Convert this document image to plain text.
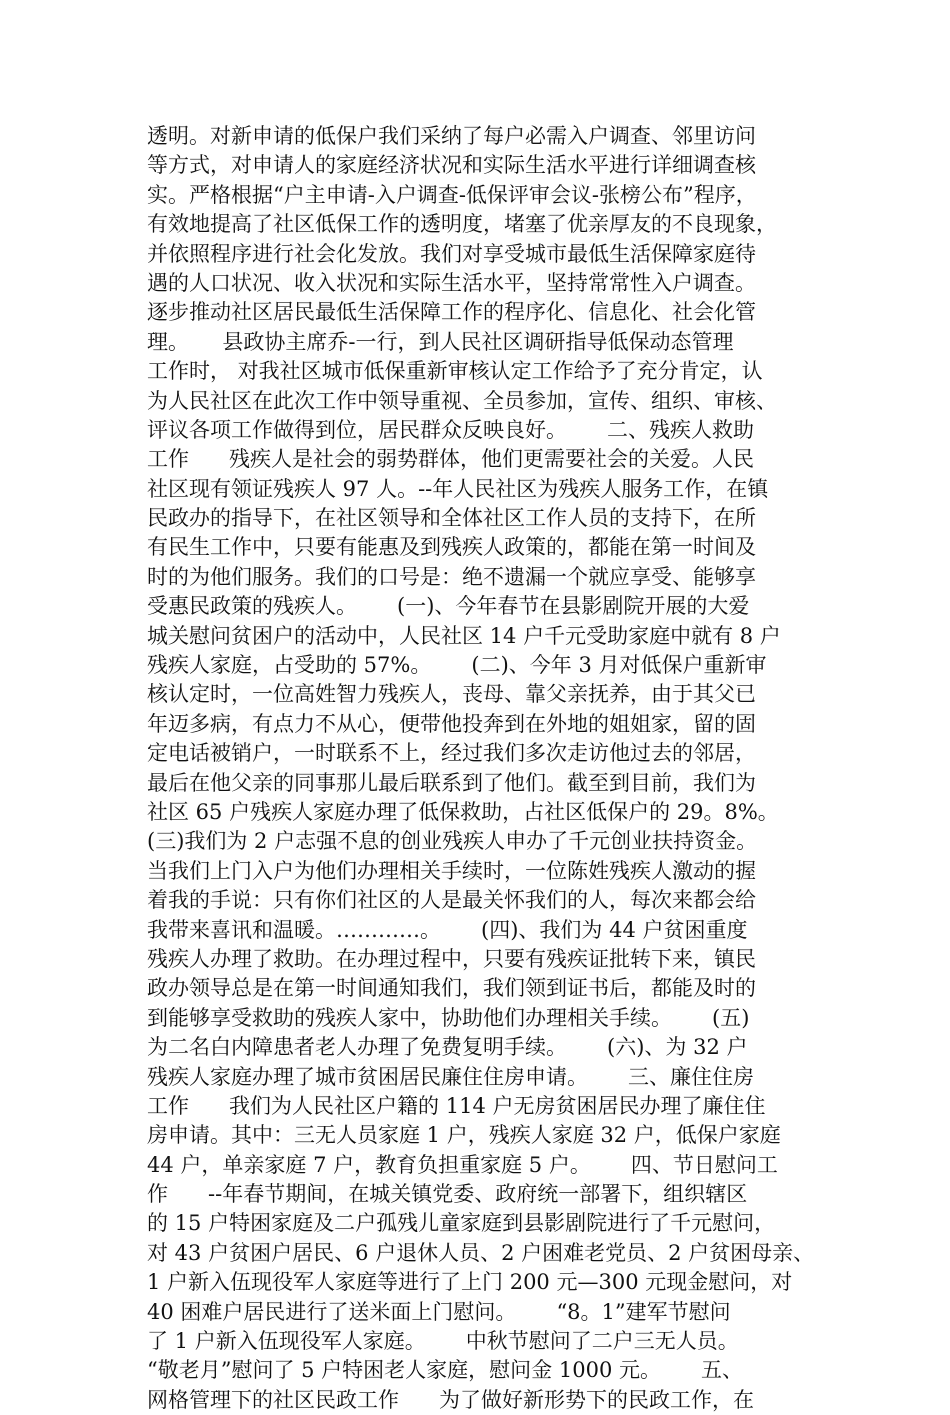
透明。对新申请的低保户我们采纳了每户必需入户调查、邻里访问
等方式，对申请人的家庭经济状况和实际生活水平进行详细调查核
实。严格根据“户主申请-入户调查-低保评审会议-张榜公布”程序，
有效地提高了社区低保工作的透明度，堵塞了优亲厚友的不良现象，
并依照程序进行社会化发放。我们对享受城市最低生活保障家庭待
遇的人口状况、收入状况和实际生活水平，坚持常常性入户调查。
逐步推动社区居民最低生活保障工作的程序化、信息化、社会化管
理。     县政协主席乔-一行，到人民社区调研指导低保动态管理
工作时， 对我社区城市低保重新审核认定工作给予了充分肯定，认
为人民社区在此次工作中领导重视、全员参加，宣传、组织、审核、
评议各项工作做得到位，居民群众反映良好。      二、残疾人救助
工作      残疾人是社会的弱势群体，他们更需要社会的关爱。人民
社区现有领证残疾人 97 人。--年人民社区为残疾人服务工作，在镇
民政办的指导下，在社区领导和全体社区工作人员的支持下，在所
有民生工作中，只要有能惠及到残疾人政策的，都能在第一时间及
时的为他们服务。我们的口号是：绝不遗漏一个就应享受、能够享
受惠民政策的残疾人。      (一)、今年春节在县影剧院开展的大爱
城关慰问贫困户的活动中，人民社区 14 户千元受助家庭中就有 8 户
残疾人家庭，占受助的 57%。      (二)、今年 3 月对低保户重新审
核认定时，一位高姓智力残疾人，丧母、靠父亲抚养，由于其父已
年迈多病，有点力不从心，便带他投奔到在外地的姐姐家，留的固
定电话被销户，一时联系不上，经过我们多次走访他过去的邻居，
最后在他父亲的同事那儿最后联系到了他们。截至到目前，我们为
社区 65 户残疾人家庭办理了低保救助，占社区低保户的 29。8%。
(三)我们为 2 户志强不息的创业残疾人申办了千元创业扶持资金。
当我们上门入户为他们办理相关手续时，一位陈姓残疾人激动的握
着我的手说：只有你们社区的人是最关怀我们的人，每次来都会给
我带来喜讯和温暖。…………。      (四)、我们为 44 户贫困重度
残疾人办理了救助。在办理过程中，只要有残疾证批转下来，镇民
政办领导总是在第一时间通知我们，我们领到证书后，都能及时的
到能够享受救助的残疾人家中，协助他们办理相关手续。      (五)
为二名白内障患者老人办理了免费复明手续。      (六)、为 32 户
残疾人家庭办理了城市贫困居民廉住住房申请。      三、廉住住房
工作      我们为人民社区户籍的 114 户无房贫困居民办理了廉住住
房申请。其中：三无人员家庭 1 户，残疾人家庭 32 户，低保户家庭
44 户，单亲家庭 7 户，教育负担重家庭 5 户。      四、节日慰问工
作      --年春节期间，在城关镇党委、政府统一部署下，组织辖区
的 15 户特困家庭及二户孤残儿童家庭到县影剧院进行了千元慰问，
对 43 户贫困户居民、6 户退休人员、2 户困难老党员、2 户贫困母亲、
1 户新入伍现役军人家庭等进行了上门 200 元—300 元现金慰问，对
40 困难户居民进行了送米面上门慰问。      “8。1”建军节慰问
了 1 户新入伍现役军人家庭。      中秋节慰问了二户三无人员。
“敬老月”慰问了 5 户特困老人家庭，慰问金 1000 元。      五、
网格管理下的社区民政工作      为了做好新形势下的民政工作，在
